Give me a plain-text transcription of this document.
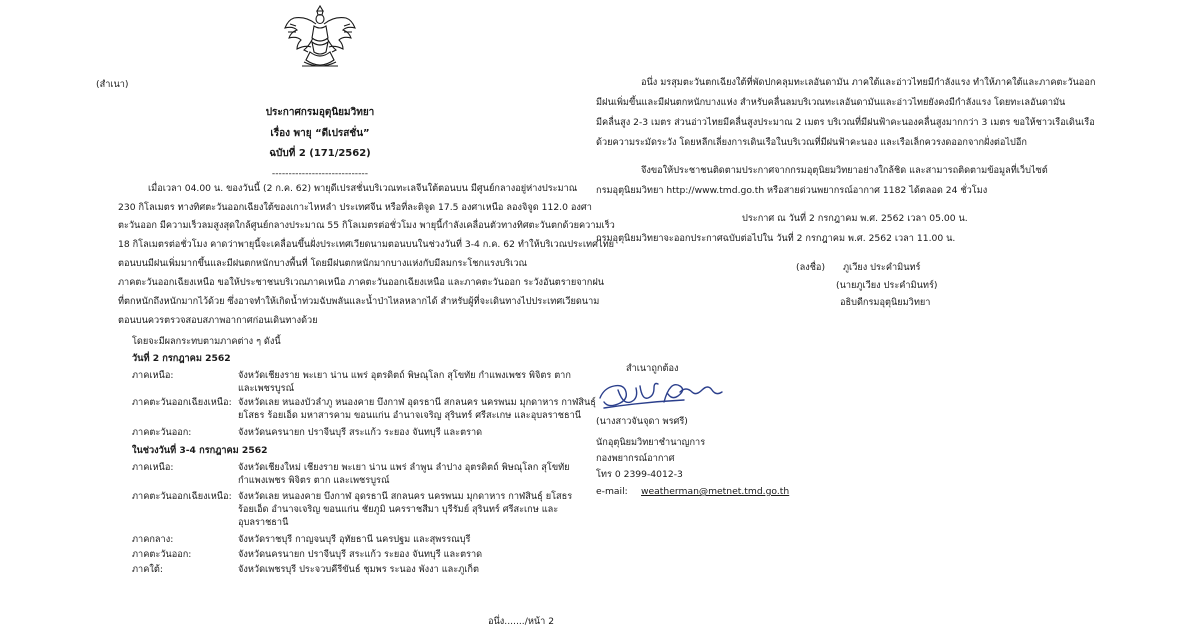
(สำเนา)
ประกาศกรมอุตุนิยมวิทยา
เรื่อง พายุ “ดีเปรสชั่น”
ฉบับที่ 2 (171/2562)
-----------------------------
เมื่อเวลา 04.00 น. ของวันนี้ (2 ก.ค. 62) พายุดีเปรสชั่นบริเวณทะเลจีนใต้ตอนบน มีศูนย์กลางอยู่ห่างประมาณ
230 กิโลเมตร ทางทิศตะวันออกเฉียงใต้ของเกาะไหหลำ ประเทศจีน หรือที่ละติจูด 17.5 องศาเหนือ ลองจิจูด 112.0 องศา
ตะวันออก มีความเร็วลมสูงสุดใกล้ศูนย์กลางประมาณ 55 กิโลเมตรต่อชั่วโมง พายุนี้กำลังเคลื่อนตัวทางทิศตะวันตกด้วยความเร็ว
18 กิโลเมตรต่อชั่วโมง คาดว่าพายุนี้จะเคลื่อนขึ้นฝั่งประเทศเวียดนามตอนบนในช่วงวันที่ 3-4 ก.ค. 62 ทำให้บริเวณประเทศไทย
ตอนบนมีฝนเพิ่มมากขึ้นและมีฝนตกหนักบางพื้นที่ โดยมีฝนตกหนักมากบางแห่งกับมีลมกระโชกแรงบริเวณ
ภาคตะวันออกเฉียงเหนือ ขอให้ประชาชนบริเวณภาคเหนือ ภาคตะวันออกเฉียงเหนือ และภาคตะวันออก ระวังอันตรายจากฝน
ที่ตกหนักถึงหนักมากไว้ด้วย ซึ่งอาจทำให้เกิดน้ำท่วมฉับพลันและน้ำป่าไหลหลากได้ สำหรับผู้ที่จะเดินทางไปประเทศเวียดนาม
ตอนบนควรตรวจสอบสภาพอากาศก่อนเดินทางด้วย
โดยจะมีผลกระทบตามภาคต่าง ๆ ดังนี้
วันที่ 2 กรกฎาคม 2562
ภาคเหนือ:	จังหวัดเชียงราย พะเยา น่าน แพร่ อุตรดิตถ์ พิษณุโลก สุโขทัย กำแพงเพชร พิจิตร ตาก
และเพชรบูรณ์
ภาคตะวันออกเฉียงเหนือ: จังหวัดเลย หนองบัวลำภู หนองคาย บึงกาฬ อุดรธานี สกลนคร นครพนม มุกดาหาร กาฬสินธุ์
ยโสธร ร้อยเอ็ด มหาสารคาม ขอนแก่น อำนาจเจริญ สุรินทร์ ศรีสะเกษ และอุบลราชธานี
ภาคตะวันออก:	จังหวัดนครนายก ปราจีนบุรี สระแก้ว ระยอง จันทบุรี และตราด
ในช่วงวันที่ 3-4 กรกฎาคม 2562
ภาคเหนือ:	จังหวัดเชียงใหม่ เชียงราย พะเยา น่าน แพร่ ลำพูน ลำปาง อุตรดิตถ์ พิษณุโลก สุโขทัย
กำแพงเพชร พิจิตร ตาก และเพชรบูรณ์
ภาคตะวันออกเฉียงเหนือ: จังหวัดเลย หนองคาย บึงกาฬ อุดรธานี สกลนคร นครพนม มุกดาหาร กาฬสินธุ์ ยโสธร
ร้อยเอ็ด อำนาจเจริญ ขอนแก่น ชัยภูมิ นครราชสีมา บุรีรัมย์ สุรินทร์ ศรีสะเกษ และ
อุบลราชธานี
ภาคกลาง:	จังหวัดราชบุรี กาญจนบุรี อุทัยธานี นครปฐม และสุพรรณบุรี
ภาคตะวันออก:	จังหวัดนครนายก ปราจีนบุรี สระแก้ว ระยอง จันทบุรี และตราด
ภาคใต้:	จังหวัดเพชรบุรี ประจวบคีรีขันธ์ ชุมพร ระนอง พังงา และภูเก็ต
อนึ่ง......./หน้า 2
อนึ่ง มรสุมตะวันตกเฉียงใต้ที่พัดปกคลุมทะเลอันดามัน ภาคใต้และอ่าวไทยมีกำลังแรง ทำให้ภาคใต้และภาคตะวันออก
มีฝนเพิ่มขึ้นและมีฝนตกหนักบางแห่ง สำหรับคลื่นลมบริเวณทะเลอันดามันและอ่าวไทยยังคงมีกำลังแรง โดยทะเลอันดามัน
มีคลื่นสูง 2-3 เมตร ส่วนอ่าวไทยมีคลื่นสูงประมาณ 2 เมตร บริเวณที่มีฝนฟ้าคะนองคลื่นสูงมากกว่า 3 เมตร ขอให้ชาวเรือเดินเรือ
ด้วยความระมัดระวัง โดยหลีกเลี่ยงการเดินเรือในบริเวณที่มีฝนฟ้าคะนอง และเรือเล็กควรงดออกจากฝั่งต่อไปอีก
จึงขอให้ประชาชนติดตามประกาศจากกรมอุตุนิยมวิทยาอย่างใกล้ชิด และสามารถติดตามข้อมูลที่เว็บไซต์
กรมอุตุนิยมวิทยา http://www.tmd.go.th หรือสายด่วนพยากรณ์อากาศ 1182 ได้ตลอด 24 ชั่วโมง
ประกาศ ณ วันที่ 2 กรกฎาคม พ.ศ. 2562 เวลา 05.00 น.
กรมอุตุนิยมวิทยาจะออกประกาศฉบับต่อไปใน วันที่ 2 กรกฎาคม พ.ศ. 2562 เวลา 11.00 น.
(ลงชื่อ) ภูเวียง ประคำมินทร์
(นายภูเวียง ประคำมินทร์)
อธิบดีกรมอุตุนิยมวิทยา
สำเนาถูกต้อง
(นางสาวจันจุดา พรศรี)
นักอุตุนิยมวิทยาชำนาญการ
กองพยากรณ์อากาศ
โทร 0 2399-4012-3
e-mail: weatherman@metnet.tmd.go.th
